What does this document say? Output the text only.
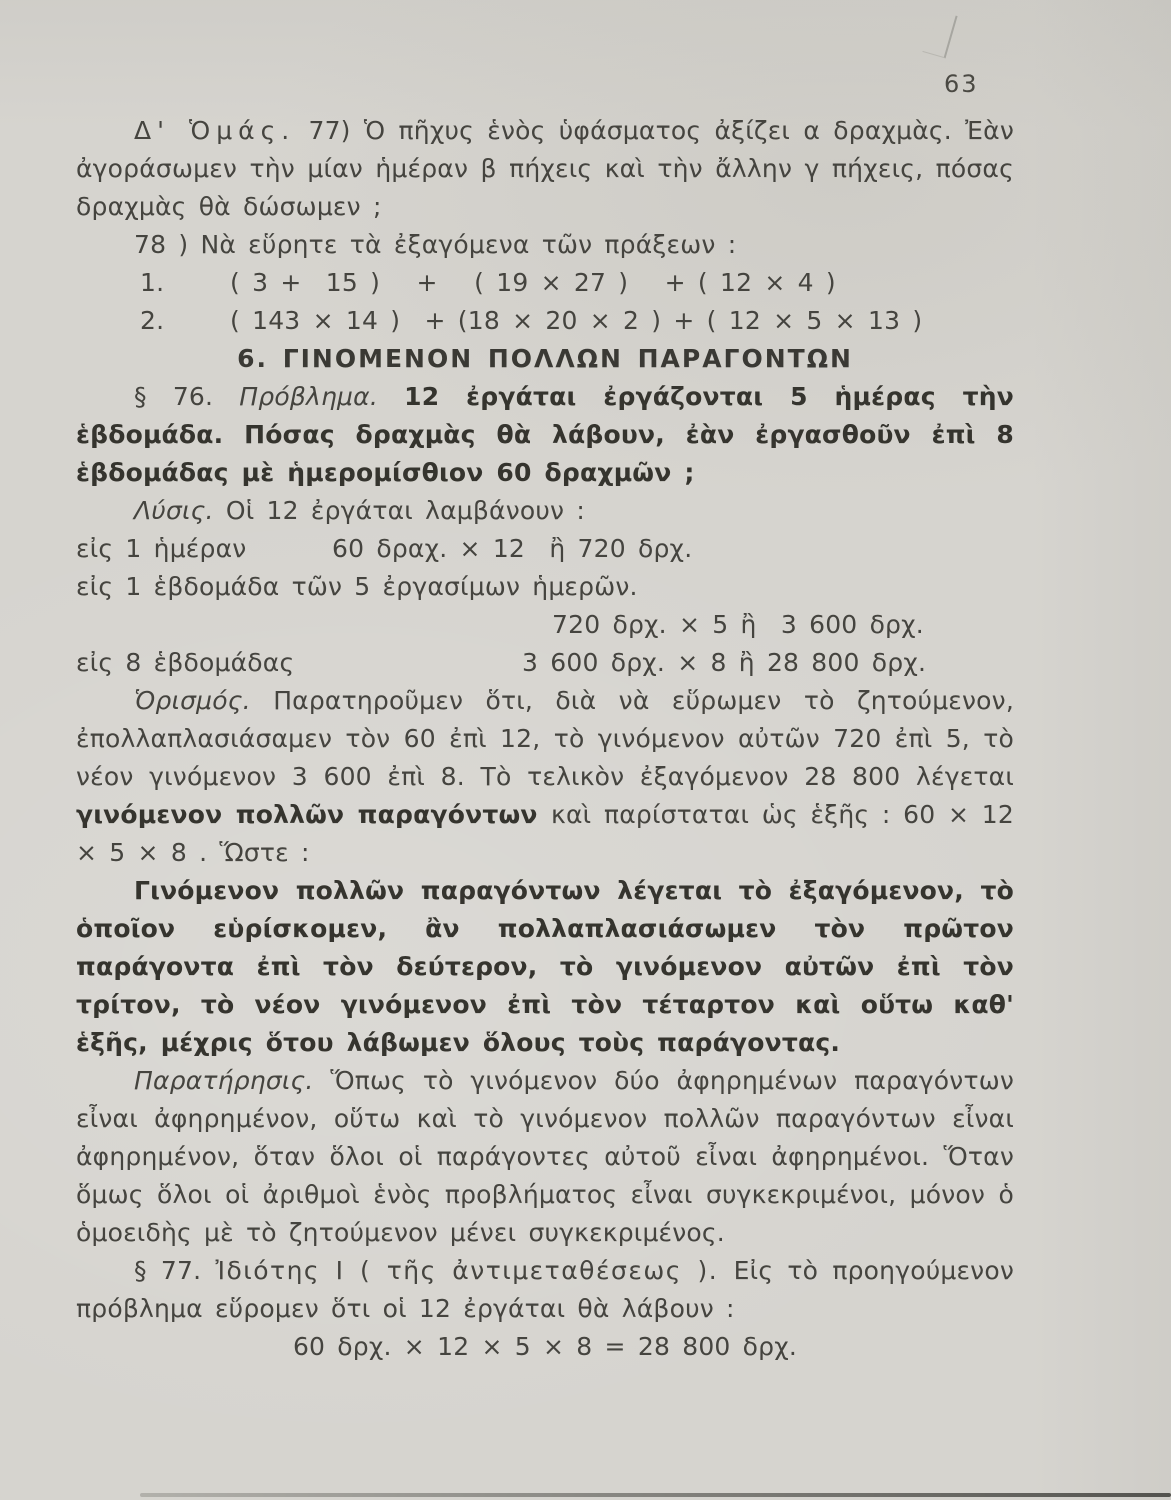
63

Δ' Ὁμάς. 77) Ὁ πῆχυς ἑνὸς ὑφάσματος ἀξίζει α δραχμὰς. Ἐὰν ἀγοράσωμεν τὴν μίαν ἡμέραν β πήχεις καὶ τὴν ἄλλην γ πήχεις, πόσας δραχμὰς θὰ δώσωμεν ;

78 ) Νὰ εὕρητε τὰ ἐξαγόμενα τῶν πράξεων :

1.	( 3 +  15 )   +   ( 19 × 27 )   + ( 12 × 4 )
2.	( 143 × 14 )  + (18 × 20 × 2 ) + ( 12 × 5 × 13 )

6. ΓΙΝΟΜΕΝΟΝ ΠΟΛΛΩΝ ΠΑΡΑΓΟΝΤΩΝ

§ 76. Πρόβλημα. 12 ἐργάται ἐργάζονται 5 ἡμέρας τὴν ἑβδομάδα. Πόσας δραχμὰς θὰ λάβουν, ἐὰν ἐργασθοῦν ἐπὶ 8 ἑβδομάδας μὲ ἡμερομίσθιον 60 δραχμῶν ;

Λύσις. Οἱ 12 ἐργάται λαμβάνουν :

εἰς 1 ἡμέραν	60 δραχ. × 12  ἢ 720 δρχ.
εἰς 1 ἑβδομάδα τῶν 5 ἐργασίμων ἡμερῶν.
720 δρχ. × 5 ἢ  3 600 δρχ.
εἰς 8 ἑβδομάδας	3 600 δρχ. × 8 ἢ 28 800 δρχ.

Ὁρισμός. Παρατηροῦμεν ὅτι, διὰ νὰ εὕρωμεν τὸ ζητούμενον, ἐπολλαπλασιάσαμεν τὸν 60 ἐπὶ 12, τὸ γινόμενον αὐτῶν 720 ἐπὶ 5, τὸ νέον γινόμενον 3 600 ἐπὶ 8. Τὸ τελικὸν ἐξαγόμενον 28 800 λέγεται γινόμενον πολλῶν παραγόντων καὶ παρίσταται ὡς ἑξῆς : 60 × 12 × 5 × 8 . Ὥστε :

Γινόμενον πολλῶν παραγόντων λέγεται τὸ ἐξαγόμενον, τὸ ὁποῖον εὑρίσκομεν, ἂν πολλαπλασιάσωμεν τὸν πρῶτον παράγοντα ἐπὶ τὸν δεύτερον, τὸ γινόμενον αὐτῶν ἐπὶ τὸν τρίτον, τὸ νέον γινόμενον ἐπὶ τὸν τέταρτον καὶ οὕτω καθ' ἑξῆς, μέχρις ὅτου λάβωμεν ὅλους τοὺς παράγοντας.

Παρατήρησις. Ὅπως τὸ γινόμενον δύο ἀφηρημένων παραγόντων εἶναι ἀφηρημένον, οὕτω καὶ τὸ γινόμενον πολλῶν παραγόντων εἶναι ἀφηρημένον, ὅταν ὅλοι οἱ παράγοντες αὐτοῦ εἶναι ἀφηρημένοι. Ὅταν ὅμως ὅλοι οἱ ἀριθμοὶ ἑνὸς προβλήματος εἶναι συγκεκριμένοι, μόνον ὁ ὁμοειδὴς μὲ τὸ ζητούμενον μένει συγκεκριμένος.

§ 77. Ἰδιότης Ι ( τῆς ἀντιμεταθέσεως ). Εἰς τὸ προηγούμενον πρόβλημα εὕρομεν ὅτι οἱ 12 ἐργάται θὰ λάβουν :

60 δρχ. × 12 × 5 × 8 = 28 800 δρχ.
